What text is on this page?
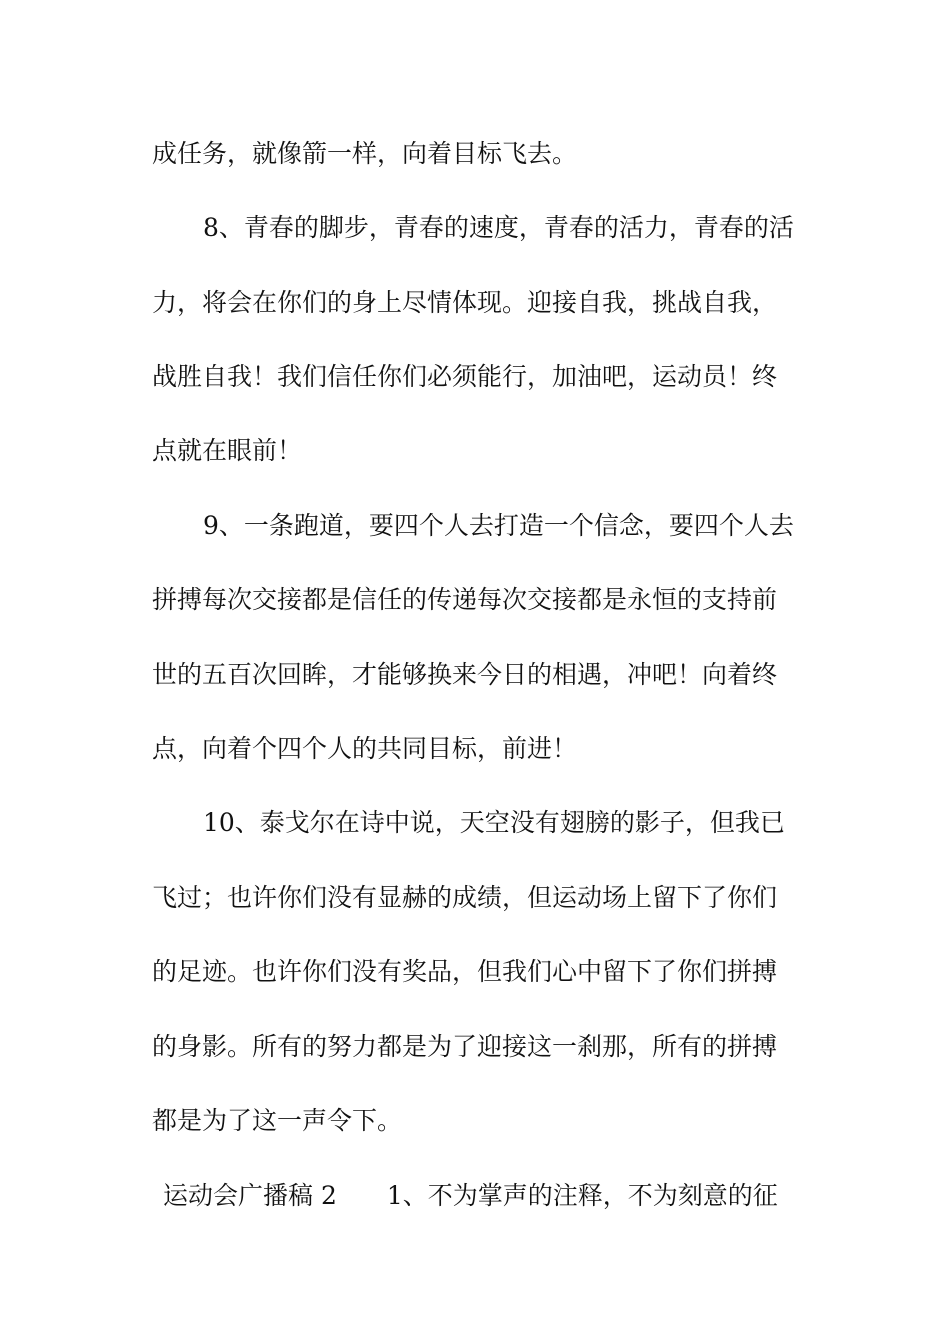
成任务，就像箭一样，向着目标飞去。
8、青春的脚步，青春的速度，青春的活力，青春的活
力，将会在你们的身上尽情体现。迎接自我，挑战自我，
战胜自我！我们信任你们必须能行，加油吧，运动员！终
点就在眼前！
9、一条跑道，要四个人去打造一个信念，要四个人去
拼搏每次交接都是信任的传递每次交接都是永恒的支持前
世的五百次回眸，才能够换来今日的相遇，冲吧！向着终
点，向着个四个人的共同目标，前进！
10、泰戈尔在诗中说，天空没有翅膀的影子，但我已
飞过；也许你们没有显赫的成绩，但运动场上留下了你们
的足迹。也许你们没有奖品，但我们心中留下了你们拼搏
的身影。所有的努力都是为了迎接这一刹那，所有的拼搏
都是为了这一声令下。
运动会广播稿 2　　1、不为掌声的注释，不为刻意的征
